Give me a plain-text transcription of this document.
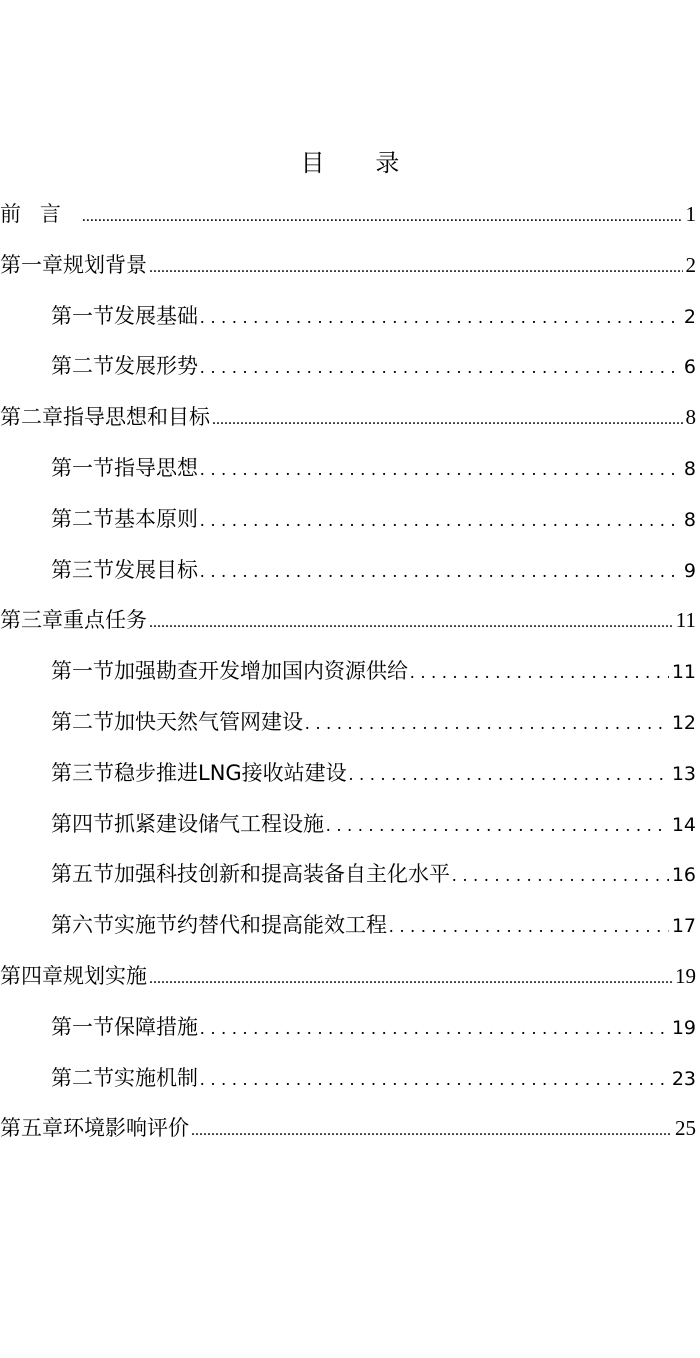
目 录
前言 .....	1
第一章 规划背景 .....	2
第一节 发展基础 .....	2
第二节 发展形势 .....	6
第二章 指导思想和目标 .....	8
第一节 指导思想 .....	8
第二节 基本原则 .....	8
第三节 发展目标 .....	9
第三章 重点任务 .....	11
第一节 加强勘查开发增加国内资源供给 .....	11
第二节 加快天然气管网建设 .....	12
第三节 稳步推进LNG接收站建设 .....	13
第四节 抓紧建设储气工程设施 .....	14
第五节 加强科技创新和提高装备自主化水平 .....	16
第六节 实施节约替代和提高能效工程 .....	17
第四章 规划实施 .....	19
第一节 保障措施 .....	19
第二节 实施机制 .....	23
第五章 环境影响评价 .....	25
